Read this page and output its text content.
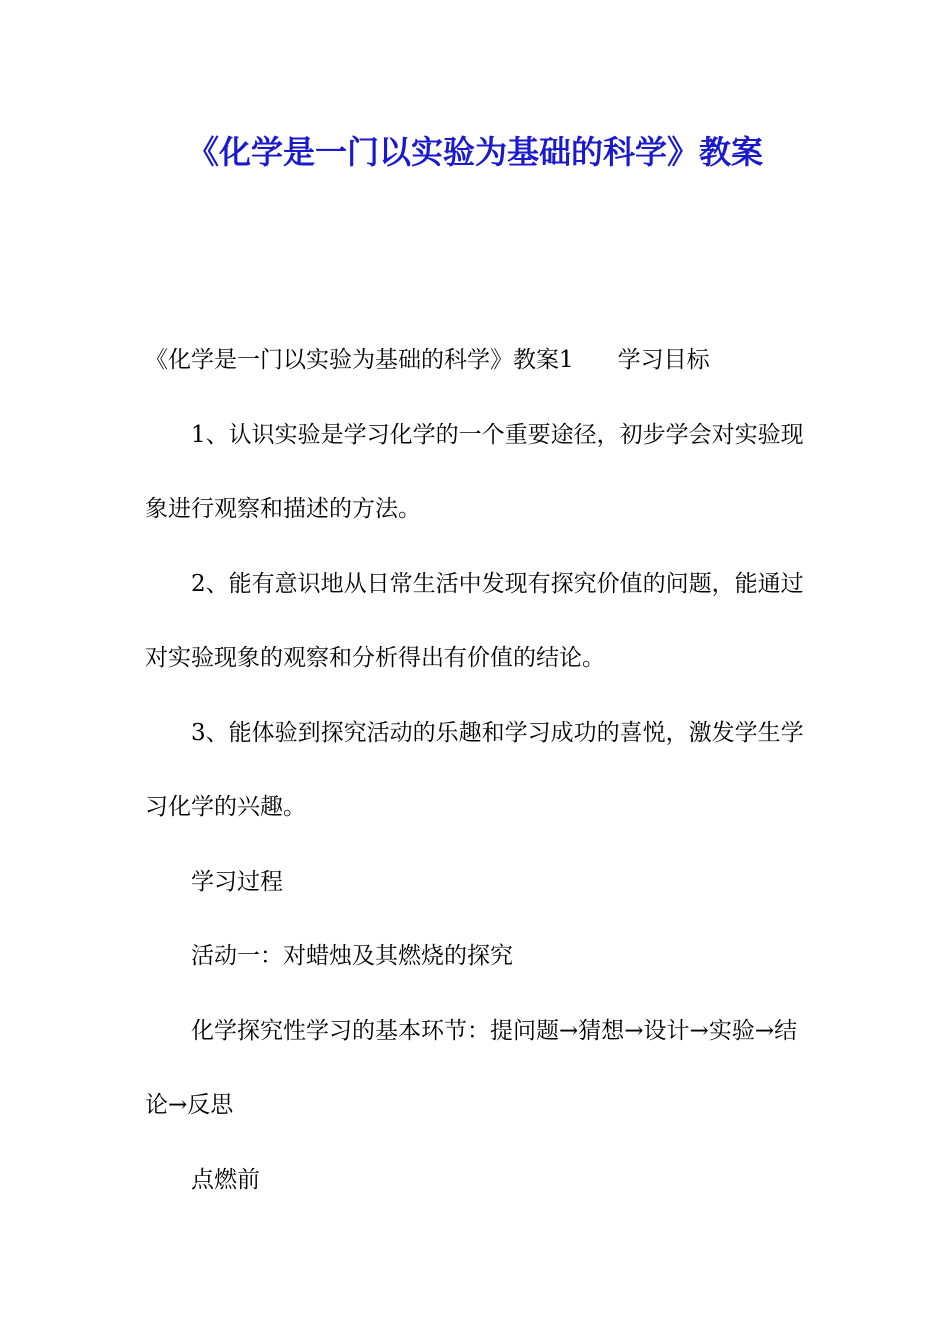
《化学是一门以实验为基础的科学》教案

《化学是一门以实验为基础的科学》教案1 学习目标

1、认识实验是学习化学的一个重要途径，初步学会对实验现象进行观察和描述的方法。

2、能有意识地从日常生活中发现有探究价值的问题，能通过对实验现象的观察和分析得出有价值的结论。

3、能体验到探究活动的乐趣和学习成功的喜悦，激发学生学习化学的兴趣。

学习过程

活动一：对蜡烛及其燃烧的探究

化学探究性学习的基本环节：提问题→猜想→设计→实验→结论→反思

点燃前
